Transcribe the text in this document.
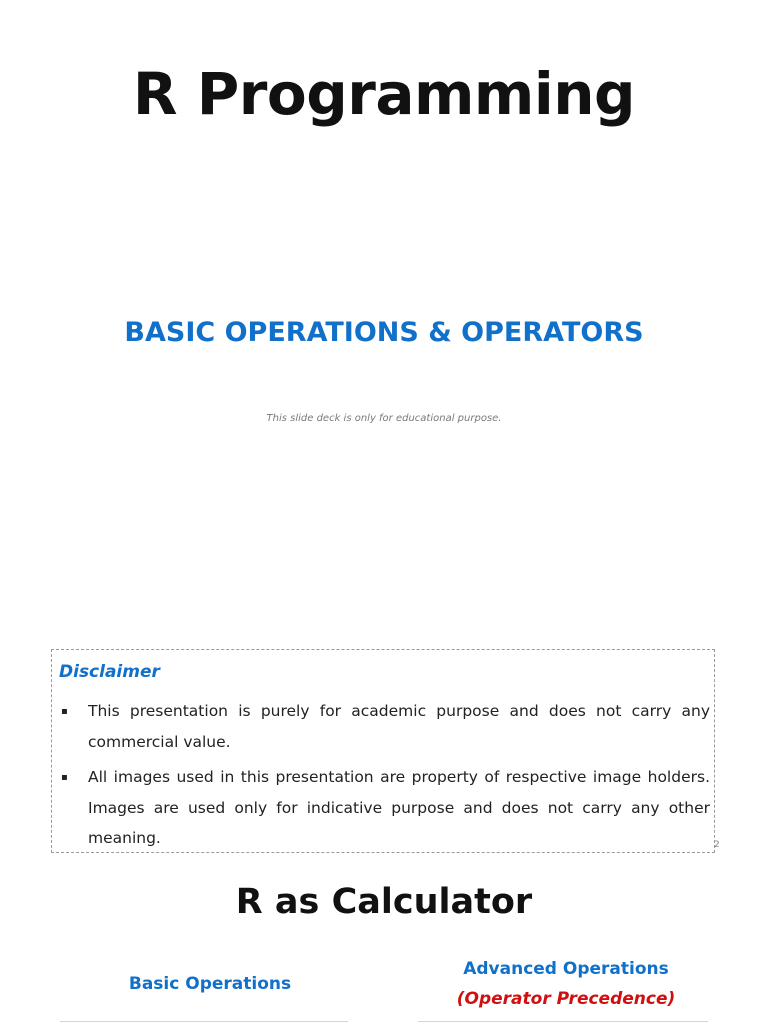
R Programming
BASIC OPERATIONS & OPERATORS
This slide deck is only for educational purpose.
Disclaimer
▪ This presentation is purely for academic purpose and does not carry any commercial value.
▪ All images used in this presentation are property of respective image holders. Images are used only for indicative purpose and does not carry any other meaning.	2
R as Calculator
Basic Operations
Advanced Operations
(Operator Precedence)
